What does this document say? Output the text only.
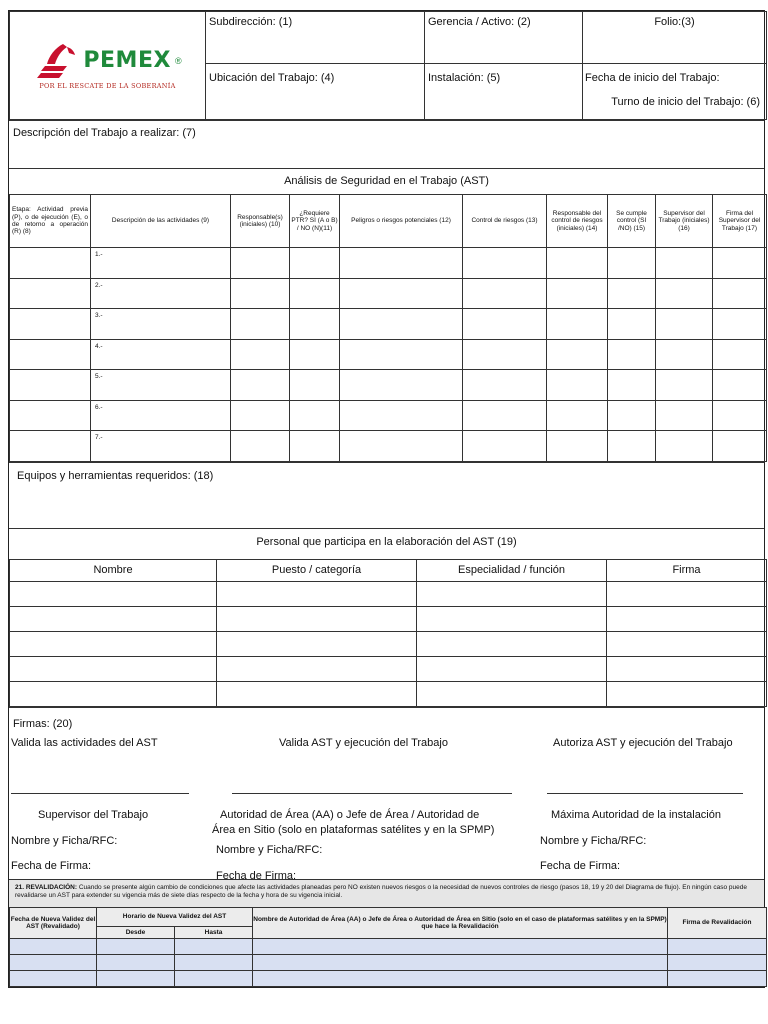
PEMEX ®
POR EL RESCATE DE LA SOBERANÍA	Subdirección: (1)	Gerencia / Activo: (2)	Folio:(3)
	Ubicación del Trabajo: (4)	Instalación: (5)	Fecha de inicio del Trabajo:
Turno de inicio del Trabajo: (6)
Descripción del Trabajo a realizar: (7)
Análisis de Seguridad en el Trabajo (AST)
Etapa: Actividad previa (P), o de ejecución (E), o de retorno a operación (R) (8)	Descripción de las actividades (9)	Responsable(s) (iniciales) (10)	¿Requiere PTR? SI (A o B) / NO (N)(11)	Peligros o riesgos potenciales (12)	Control de riesgos (13)	Responsable del control de riesgos (iniciales) (14)	Se cumple control (SI /NO) (15)	Supervisor del Trabajo (iniciales) (16)	Firma del Supervisor del Trabajo (17)
	1.-								
	2.-								
	3.-								
	4.-								
	5.-								
	6.-								
	7.-								
Equipos y herramientas requeridos: (18)
Personal que participa en la elaboración del AST (19)
Nombre	Puesto / categoría	Especialidad / función	Firma

Firmas: (20)
Valida las actividades del AST	Valida AST y ejecución del Trabajo	Autoriza AST y ejecución del Trabajo
Supervisor del Trabajo	Autoridad de Área (AA) o Jefe de Área / Autoridad de
Área en Sitio (solo en plataformas satélites y en la SPMP)
Máxima Autoridad de la instalación
Nombre y Ficha/RFC:
Nombre y Ficha/RFC:
Nombre y Ficha/RFC:
Fecha de Firma:
Fecha de Firma:
Fecha de Firma:
21. REVALIDACIÓN: Cuando se presente algún cambio de condiciones que afecte las actividades planeadas pero NO existen nuevos riesgos o la necesidad de nuevos controles de riesgo (pasos 18, 19 y 20 del Diagrama de flujo). En ningún caso puede revalidarse un AST para extender su vigencia más de siete días respecto de la fecha y hora de su vigencia inicial.
Fecha de Nueva Validez del AST (Revalidado)	Horario de Nueva Validez del AST		Nombre de Autoridad de Área (AA) o Jefe de Área o Autoridad de Área en Sitio (solo en el caso de plataformas satélites y en la SPMP) que hace la Revalidación	Firma de Revalidación
	Desde	Hasta		
